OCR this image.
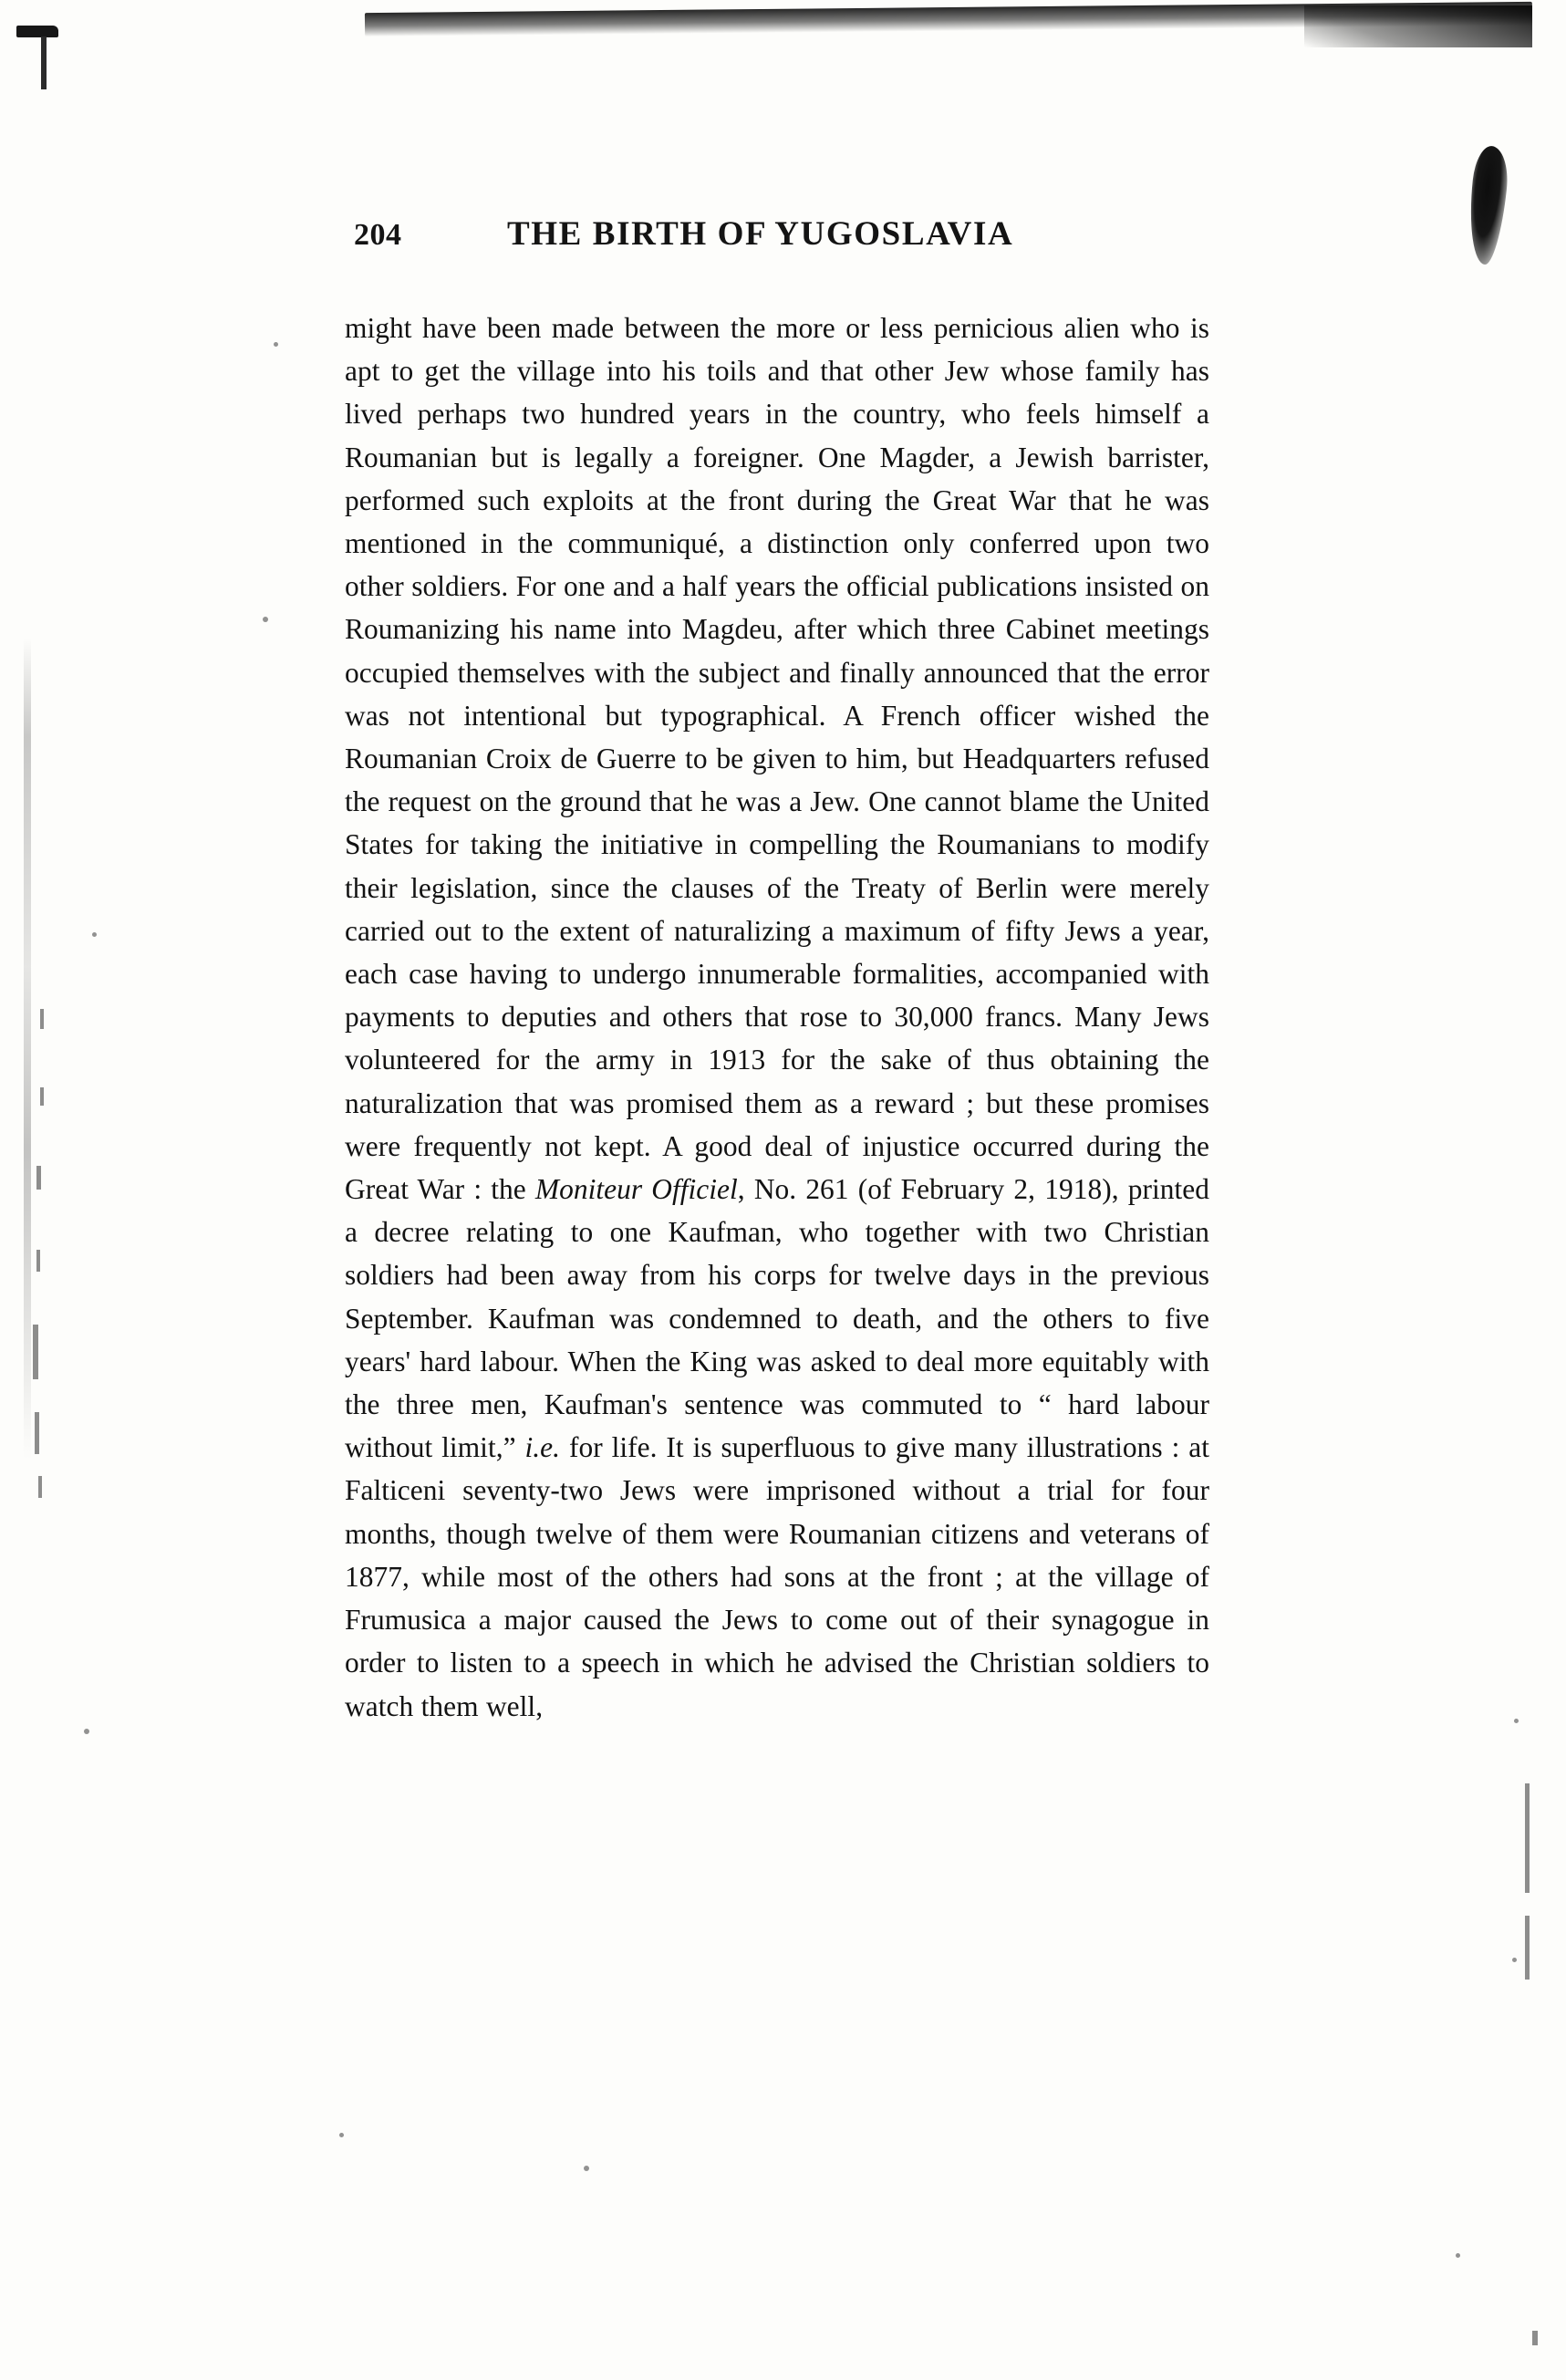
204	THE BIRTH OF YUGOSLAVIA

might have been made between the more or less pernicious alien who is apt to get the village into his toils and that other Jew whose family has lived perhaps two hundred years in the country, who feels himself a Roumanian but is legally a foreigner. One Magder, a Jewish barrister, performed such exploits at the front during the Great War that he was mentioned in the communiqué, a distinction only conferred upon two other soldiers. For one and a half years the official publications insisted on Roumanizing his name into Magdeu, after which three Cabinet meetings occupied themselves with the subject and finally announced that the error was not intentional but typographical. A French officer wished the Roumanian Croix de Guerre to be given to him, but Headquarters refused the request on the ground that he was a Jew. One cannot blame the United States for taking the initiative in compelling the Roumanians to modify their legislation, since the clauses of the Treaty of Berlin were merely carried out to the extent of naturalizing a maximum of fifty Jews a year, each case having to undergo innumerable formalities, accompanied with payments to deputies and others that rose to 30,000 francs. Many Jews volunteered for the army in 1913 for the sake of thus obtaining the naturalization that was promised them as a reward ; but these promises were frequently not kept. A good deal of injustice occurred during the Great War : the Moniteur Officiel, No. 261 (of February 2, 1918), printed a decree relating to one Kaufman, who together with two Christian soldiers had been away from his corps for twelve days in the previous September. Kaufman was condemned to death, and the others to five years' hard labour. When the King was asked to deal more equitably with the three men, Kaufman's sentence was commuted to “ hard labour without limit,” i.e. for life. It is superfluous to give many illustrations : at Falticeni seventy-two Jews were imprisoned without a trial for four months, though twelve of them were Roumanian citizens and veterans of 1877, while most of the others had sons at the front ; at the village of Frumusica a major caused the Jews to come out of their synagogue in order to listen to a speech in which he advised the Christian soldiers to watch them well,
